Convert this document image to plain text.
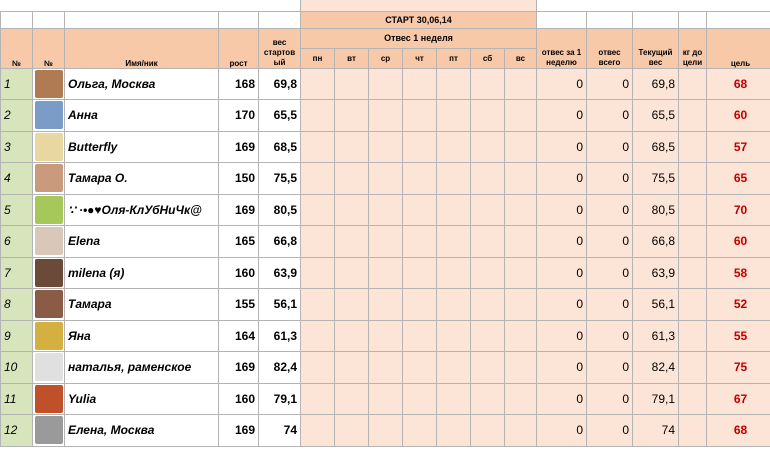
					СТАРТ 30,06,14											
№	№	Имя/ник	рост	вес стартов ый	Отвес 1 неделя							отвес за 1 неделю	отвес всего	Текущий вес	кг до цели	цель
					пн	вт	ср	чт	пт	сб	вс					
1		Ольга, Москва	168	69,8								0	0	69,8		68
2		Анна	170	65,5								0	0	65,5		60
3		Butterfly	169	68,5								0	0	68,5		57
4		Тамара О.	150	75,5								0	0	75,5		65
5		∵ ·•●♥Оля-КлУбНиЧк@	169	80,5								0	0	80,5		70
6		Elena	165	66,8								0	0	66,8		60
7		milena (я)	160	63,9								0	0	63,9		58
8		Тамара	155	56,1								0	0	56,1		52
9		Яна	164	61,3								0	0	61,3		55
10		наталья, раменское	169	82,4								0	0	82,4		75
11		Yulia	160	79,1								0	0	79,1		67
12		Елена, Москва	169	74								0	0	74		68
